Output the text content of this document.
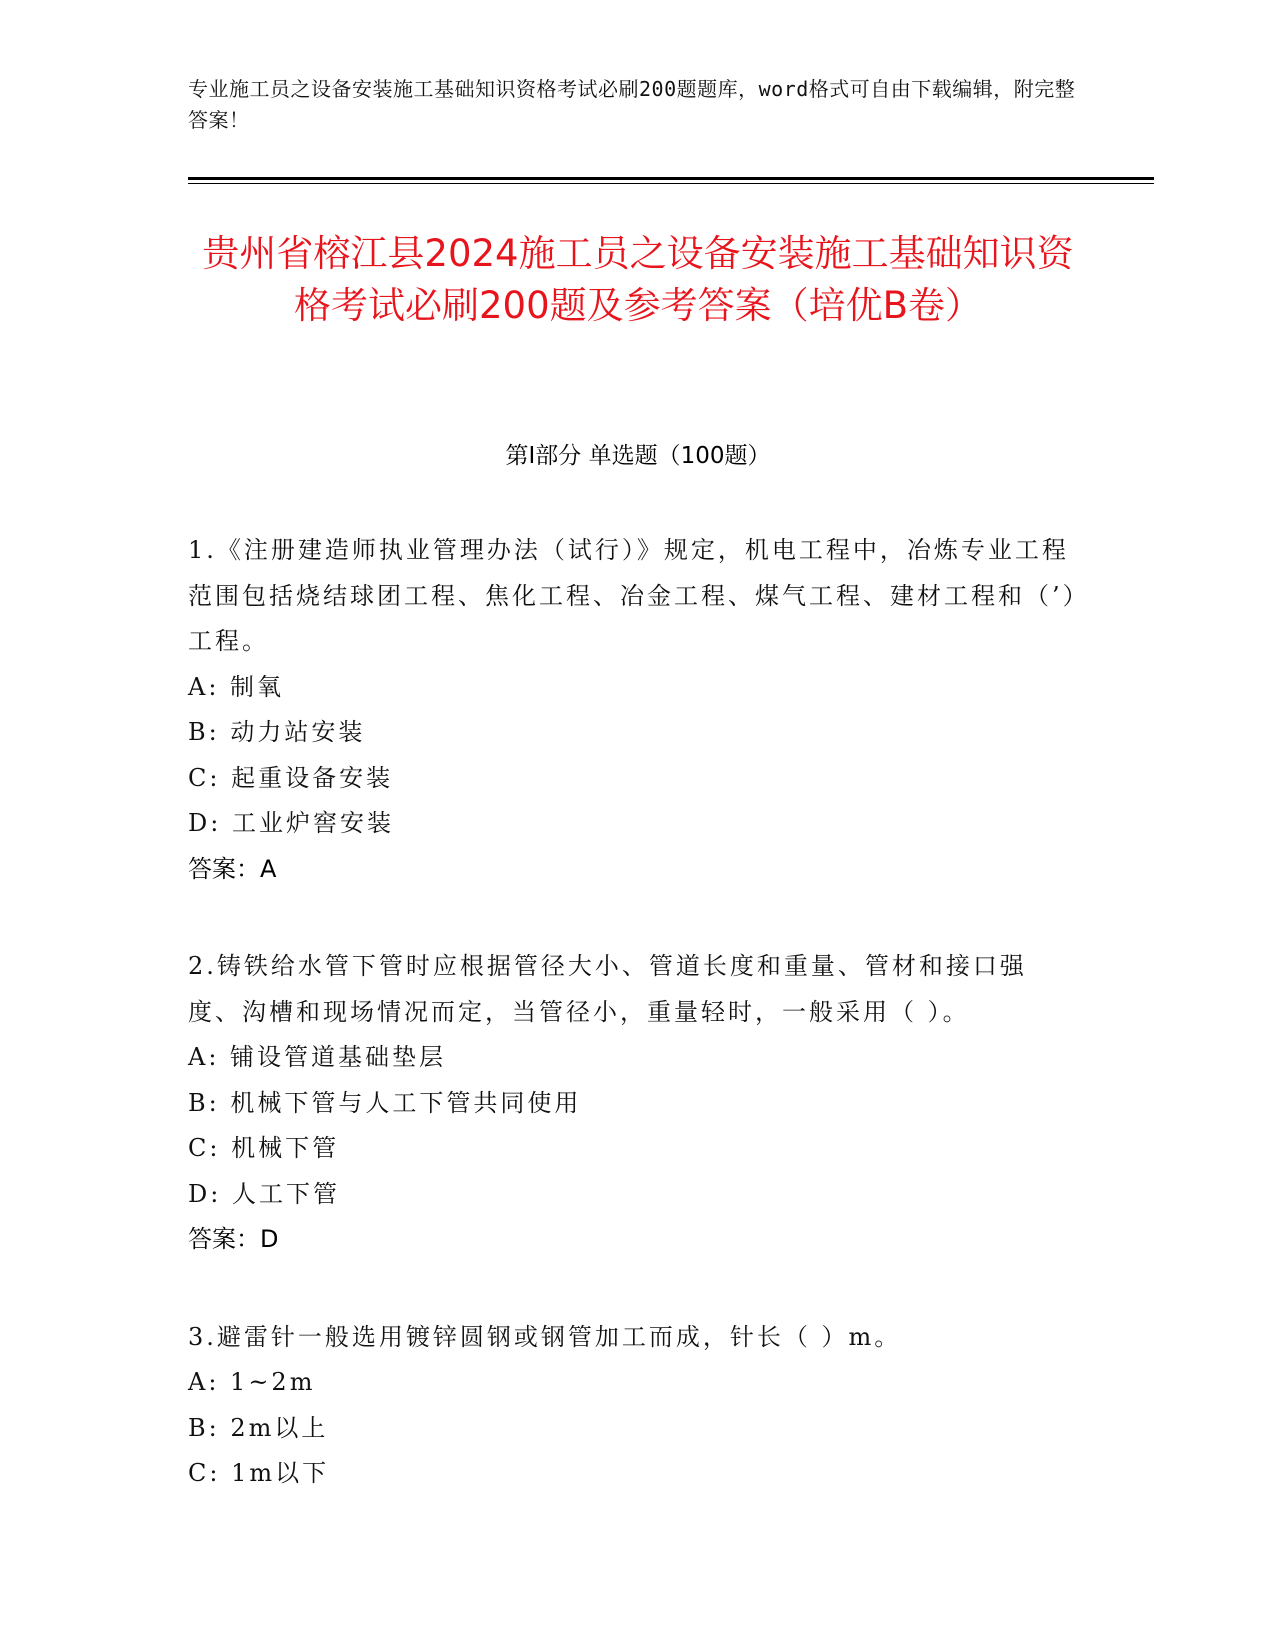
专业施工员之设备安装施工基础知识资格考试必刷200题题库，word格式可自由下载编辑，附完整答案！
贵州省榕江县2024施工员之设备安装施工基础知识资格考试必刷200题及参考答案（培优B卷）
第Ⅰ部分 单选题（100题）
1.《注册建造师执业管理办法（试行）》规定，机电工程中，冶炼专业工程范围包括烧结球团工程、焦化工程、冶金工程、煤气工程、建材工程和（’）工程。
A: 制氧
B: 动力站安装
C: 起重设备安装
D: 工业炉窖安装
答案：A
2.铸铁给水管下管时应根据管径大小、管道长度和重量、管材和接口强度、沟槽和现场情况而定，当管径小，重量轻时，一般采用（ ）。
A: 铺设管道基础垫层
B: 机械下管与人工下管共同使用
C: 机械下管
D: 人工下管
答案：D
3.避雷针一般选用镀锌圆钢或钢管加工而成，针长（ ）m。
A: 1~2m
B: 2m以上
C: 1m以下
